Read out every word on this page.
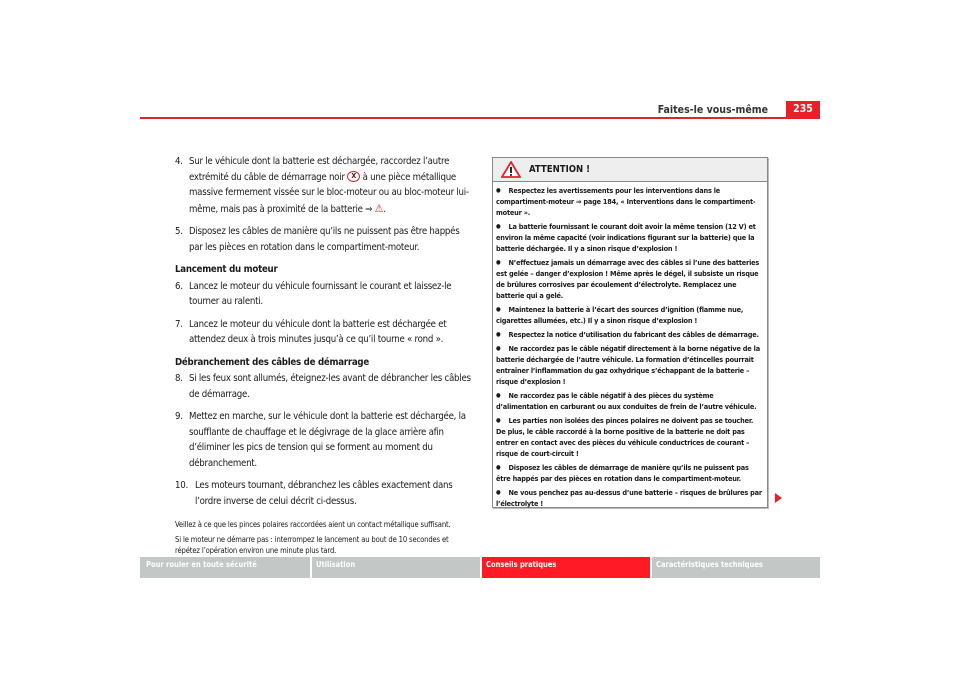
Faites-le vous-même	235
4. Sur le véhicule dont la batterie est déchargée, raccordez l’autre extrémité du câble de démarrage noir X à une pièce métallique massive fermement vissée sur le bloc-moteur ou au bloc-moteur lui-même, mais pas à proximité de la batterie ⇒ ⚠.
5. Disposez les câbles de manière qu’ils ne puissent pas être happés par les pièces en rotation dans le compartiment-moteur.
Lancement du moteur
6. Lancez le moteur du véhicule fournissant le courant et laissez-le tourner au ralenti.
7. Lancez le moteur du véhicule dont la batterie est déchargée et attendez deux à trois minutes jusqu’à ce qu’il tourne « rond ».
Débranchement des câbles de démarrage
8. Si les feux sont allumés, éteignez-les avant de débrancher les câbles de démarrage.
9. Mettez en marche, sur le véhicule dont la batterie est déchargée, la soufflante de chauffage et le dégivrage de la glace arrière afin d’éliminer les pics de tension qui se forment au moment du débranchement.
10. Les moteurs tournant, débranchez les câbles exactement dans l’ordre inverse de celui décrit ci-dessus.

Veillez à ce que les pinces polaires raccordées aient un contact métallique suffisant.

Si le moteur ne démarre pas : interrompez le lancement au bout de 10 secondes et répétez l’opération environ une minute plus tard.

ATTENTION !

● Respectez les avertissements pour les interventions dans le compartiment-moteur ⇒ page 184, « Interventions dans le compartiment-moteur ».

● La batterie fournissant le courant doit avoir la même tension (12 V) et environ la même capacité (voir indications figurant sur la batterie) que la batterie déchargée. Il y a sinon risque d’explosion !

● N’effectuez jamais un démarrage avec des câbles si l’une des batteries est gelée – danger d’explosion ! Même après le dégel, il subsiste un risque de brûlures corrosives par écoulement d’électrolyte. Remplacez une batterie qui a gelé.

● Maintenez la batterie à l’écart des sources d’ignition (flamme nue, cigarettes allumées, etc.) Il y a sinon risque d’explosion !

● Respectez la notice d’utilisation du fabricant des câbles de démarrage.

● Ne raccordez pas le câble négatif directement à la borne négative de la batterie déchargée de l’autre véhicule. La formation d’étincelles pourrait entraîner l’inflammation du gaz oxhydrique s’échappant de la batterie – risque d’explosion !

● Ne raccordez pas le câble négatif à des pièces du système d’alimentation en carburant ou aux conduites de frein de l’autre véhicule.

● Les parties non isolées des pinces polaires ne doivent pas se toucher. De plus, le câble raccordé à la borne positive de la batterie ne doit pas entrer en contact avec des pièces du véhicule conductrices de courant – risque de court-circuit !

● Disposez les câbles de démarrage de manière qu’ils ne puissent pas être happés par des pièces en rotation dans le compartiment-moteur.

● Ne vous penchez pas au-dessus d’une batterie – risques de brûlures par l’électrolyte !

Pour rouler en toute sécurité	Utilisation	Conseils pratiques	Caractéristiques techniques
